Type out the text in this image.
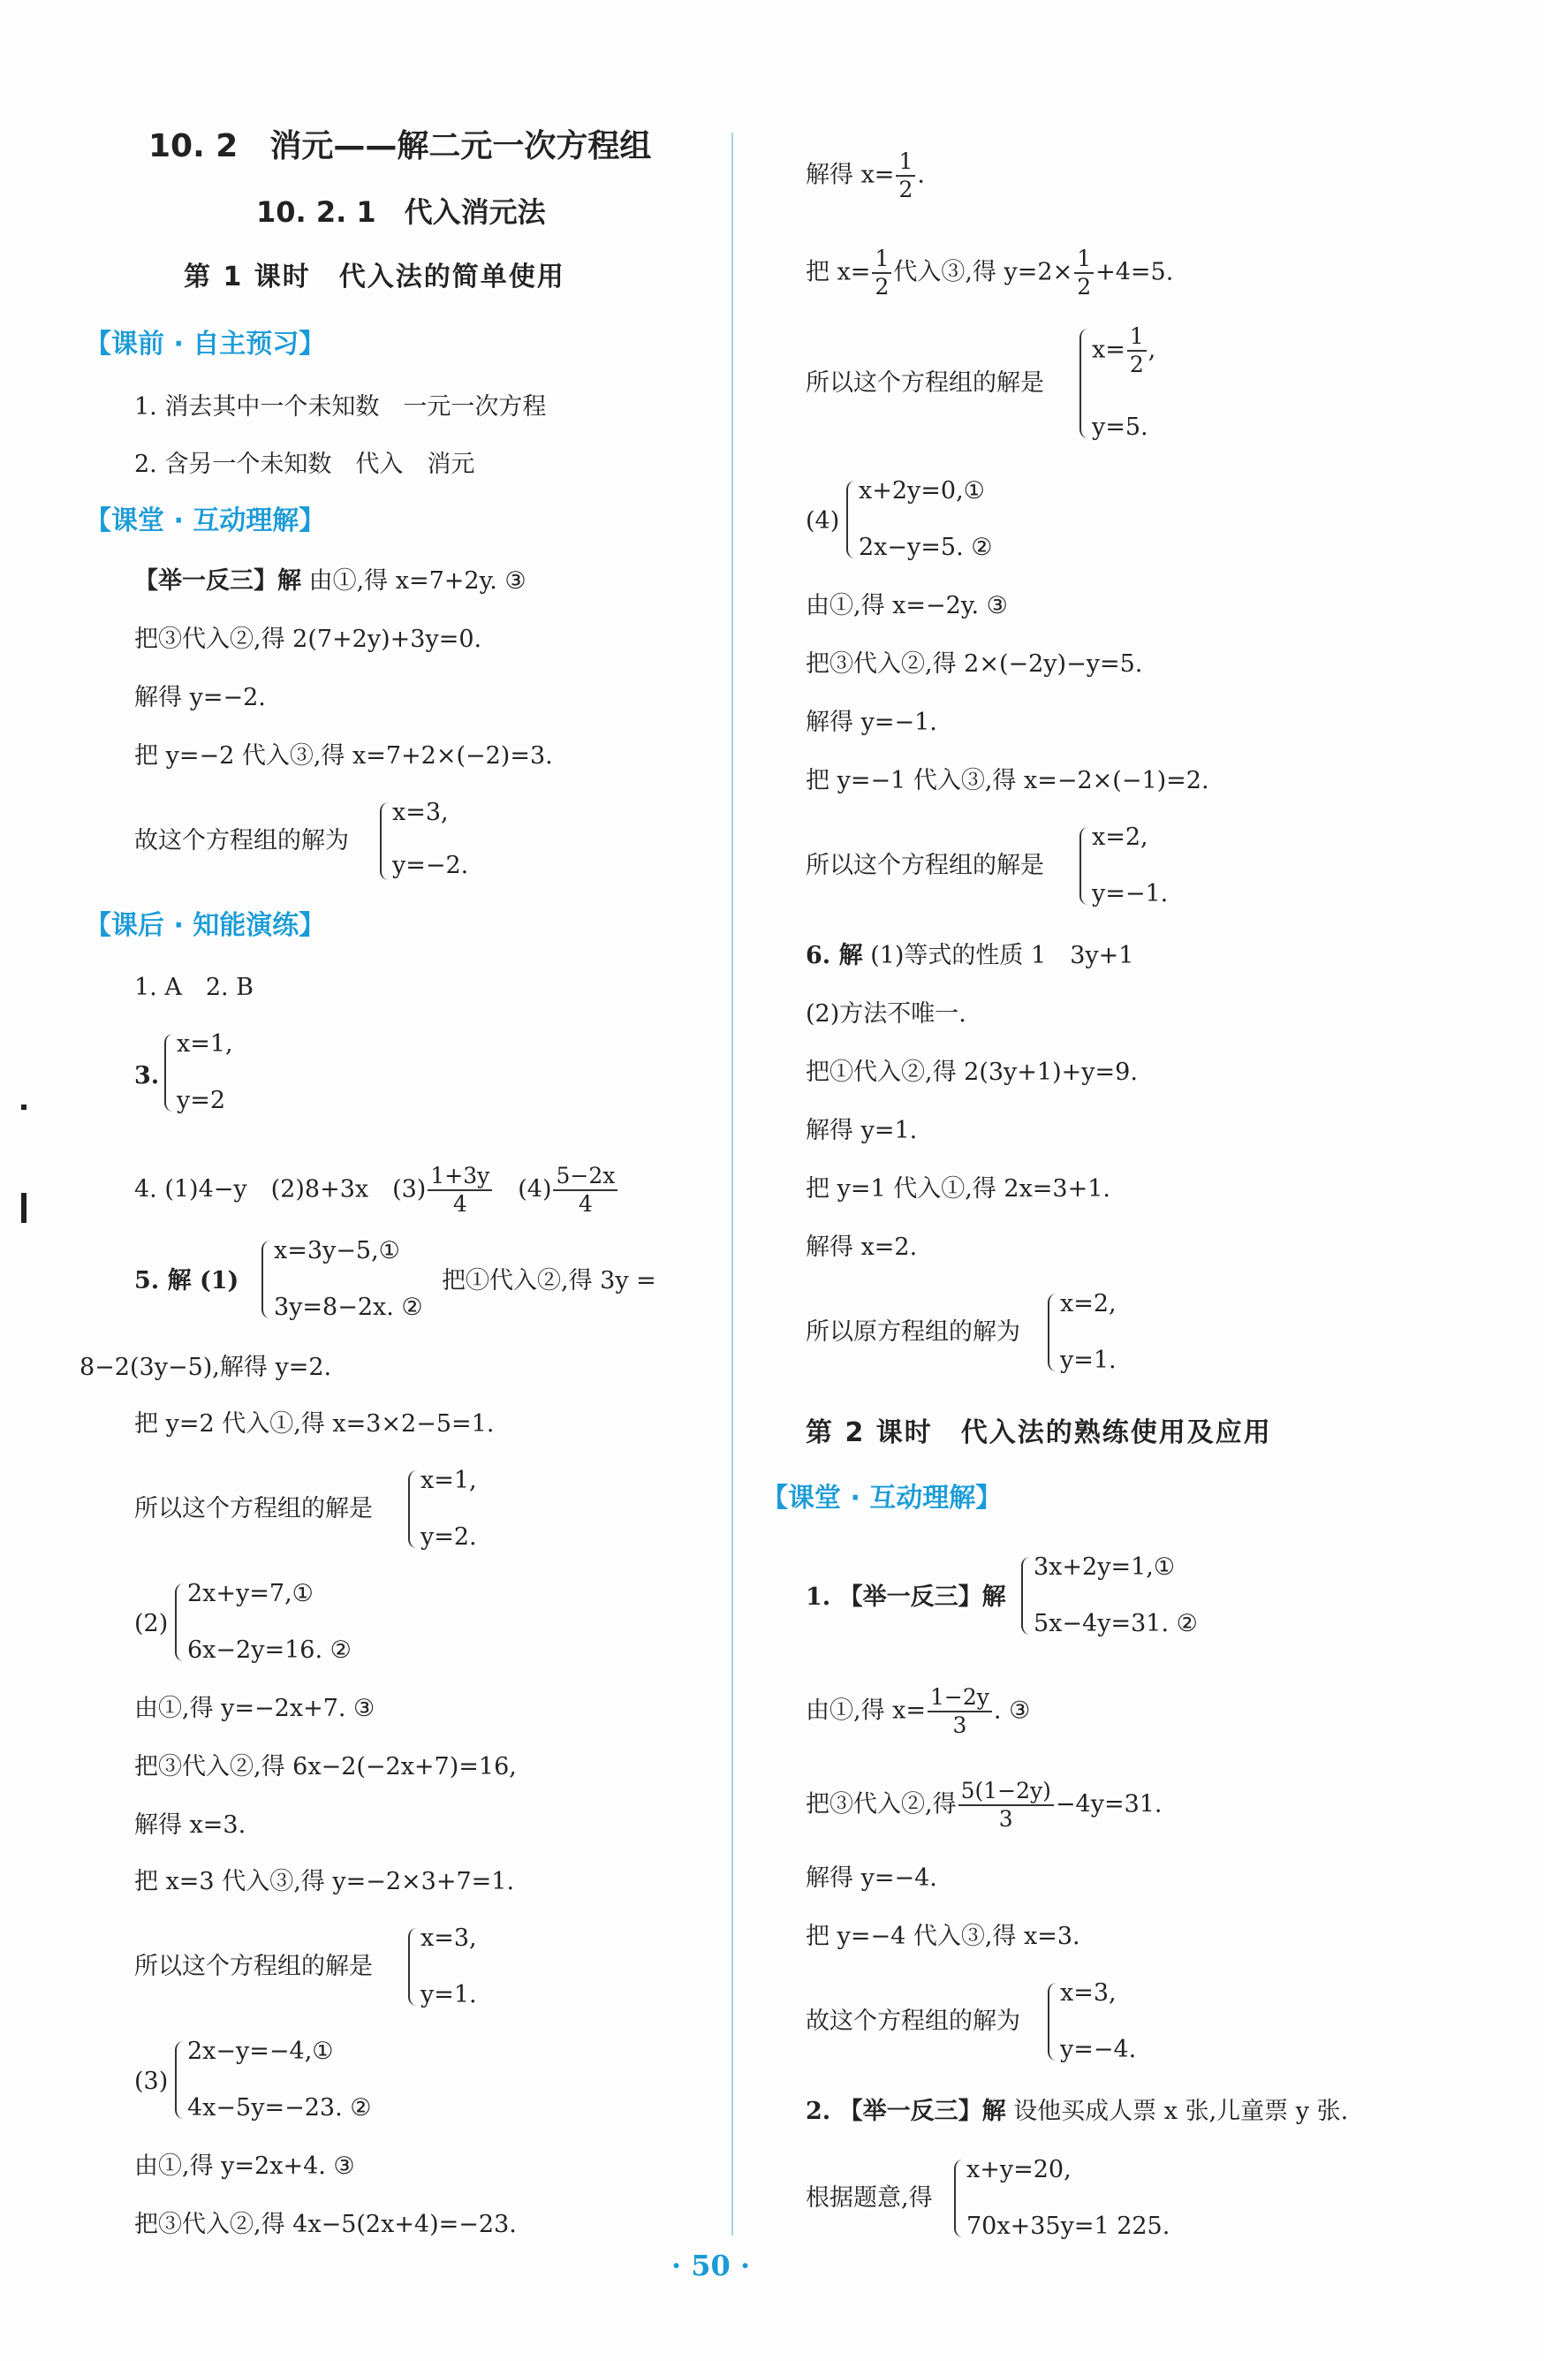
10. 2　消元——解二元一次方程组
10. 2. 1　代入消元法
第 1 课时　代入法的简单使用
【课前 · 自主预习】
1. 消去其中一个未知数　一元一次方程
2. 含另一个未知数　代入　消元
【课堂 · 互动理解】
【举一反三】解 由①,得 x=7+2y. ③
把③代入②,得 2(7+2y)+3y=0.
解得 y=−2.
把 y=−2 代入③,得 x=7+2×(−2)=3.
故这个方程组的解为
x=3,
y=−2.
【课后 · 知能演练】
1. A　2. B
3.
x=1,
y=2
4. (1)4−y　(2)8+3x　$(3) \frac{1+3y}{4}$ 　$(4) \frac{5-2x}{4}$
5. 解 (1)
x=3y−5,①
3y=8−2x. ②
把①代入②,得 3y =
8−2(3y−5),解得 y=2.
把 y=2 代入①,得 x=3×2−5=1.
所以这个方程组的解是
x=1,
y=2.
(2)
2x+y=7,①
6x−2y=16. ②
由①,得 y=−2x+7. ③
把③代入②,得 6x−2(−2x+7)=16,
解得 x=3.
把 x=3 代入③,得 y=−2×3+7=1.
所以这个方程组的解是
x=3,
y=1.
(3)
2x−y=−4,①
4x−5y=−23. ②
由①,得 y=2x+4. ③
把③代入②,得 4x−5(2x+4)=−23.
解得 $x= \frac{1}{2}$ .
把 $x= \frac{1}{2}$ 代入③,得 $y=2\times \frac{1}{2} +4=5$.
所以这个方程组的解是
$x= \frac{1}{2}$ ,
y=5.
(4)
x+2y=0,①
2x−y=5. ②
由①,得 x=−2y. ③
把③代入②,得 2×(−2y)−y=5.
解得 y=−1.
把 y=−1 代入③,得 x=−2×(−1)=2.
所以这个方程组的解是
x=2,
y=−1.
6. 解 (1)等式的性质 1　3y+1
(2)方法不唯一.
把①代入②,得 2(3y+1)+y=9.
解得 y=1.
把 y=1 代入①,得 2x=3+1.
解得 x=2.
所以原方程组的解为
x=2,
y=1.
第 2 课时　代入法的熟练使用及应用
【课堂 · 互动理解】
1. 【举一反三】解
3x+2y=1,①
5x−4y=31. ②
由①,得 $x= \frac{1-2y}{3}$ . ③
把③代入②,得 $\frac{5(1-2y)}{3} -4y=31$.
解得 y=−4.
把 y=−4 代入③,得 x=3.
故这个方程组的解为
x=3,
y=−4.
2. 【举一反三】解 设他买成人票 x 张,儿童票 y 张.
根据题意,得
x+y=20,
70x+35y=1 225.
· 50 ·
